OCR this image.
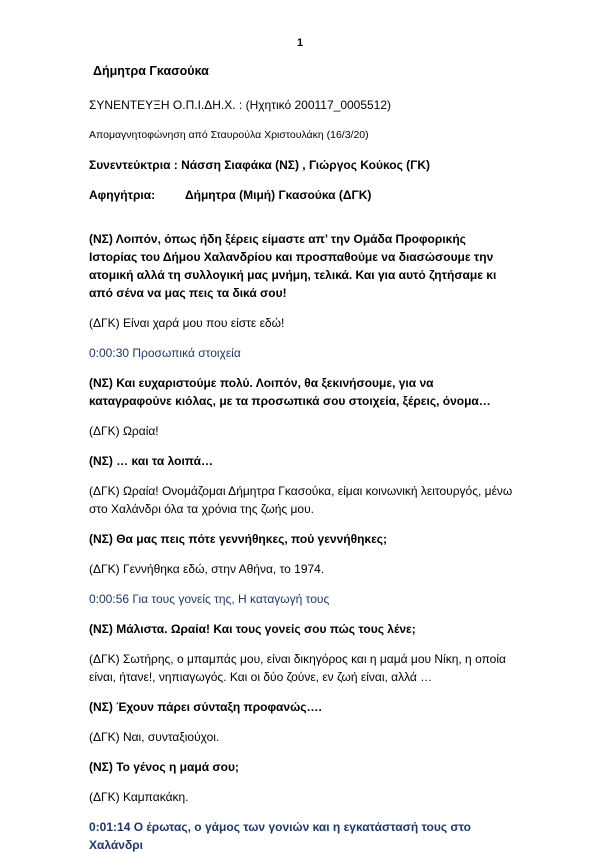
1

Δήμητρα Γκασούκα

ΣΥΝΕΝΤΕΥΞΗ Ο.Π.Ι.ΔΗ.Χ. : (Ηχητικό 200117_0005512)

Απομαγνητοφώνηση από Σταυρούλα Χριστουλάκη (16/3/20)

Συνεντεύκτρια : Νάσση Σιαφάκα (ΝΣ) , Γιώργος Κούκος (ΓΚ)

Αφηγήτρια: Δήμητρα (Μιμή) Γκασούκα (ΔΓΚ)

(ΝΣ) Λοιπόν, όπως ήδη ξέρεις είμαστε απ’ την Ομάδα Προφορικής Ιστορίας του Δήμου Χαλανδρίου και προσπαθούμε να διασώσουμε την ατομική αλλά τη συλλογική μας μνήμη, τελικά. Και για αυτό ζητήσαμε κι από σένα να μας πεις τα δικά σου!

(ΔΓΚ) Είναι χαρά μου που είστε εδώ!

0:00:30 Προσωπικά στοιχεία

(ΝΣ) Και ευχαριστούμε πολύ. Λοιπόν, θα ξεκινήσουμε, για να καταγραφούνε κιόλας, με τα προσωπικά σου στοιχεία, ξέρεις, όνομα…

(ΔΓΚ) Ωραία!

(ΝΣ) … και τα λοιπά…

(ΔΓΚ) Ωραία! Ονομάζομαι Δήμητρα Γκασούκα, είμαι κοινωνική λειτουργός, μένω στο Χαλάνδρι όλα τα χρόνια της ζωής μου.

(ΝΣ) Θα μας πεις πότε γεννήθηκες, πού γεννήθηκες;

(ΔΓΚ) Γεννήθηκα εδώ, στην Αθήνα, το 1974.

0:00:56 Για τους γονείς της, Η καταγωγή τους

(ΝΣ) Μάλιστα. Ωραία! Και τους γονείς σου πώς τους λένε;

(ΔΓΚ) Σωτήρης, ο μπαμπάς μου, είναι δικηγόρος και η μαμά μου Νίκη, η οποία είναι, ήτανε!, νηπιαγωγός. Και οι δύο ζούνε, εν ζωή είναι, αλλά …

(ΝΣ) Έχουν πάρει σύνταξη προφανώς….

(ΔΓΚ) Ναι, συνταξιούχοι.

(ΝΣ) Το γένος η μαμά σου;

(ΔΓΚ) Καμπακάκη.

0:01:14 Ο έρωτας, ο γάμος των γονιών και η εγκατάστασή τους στο Χαλάνδρι
